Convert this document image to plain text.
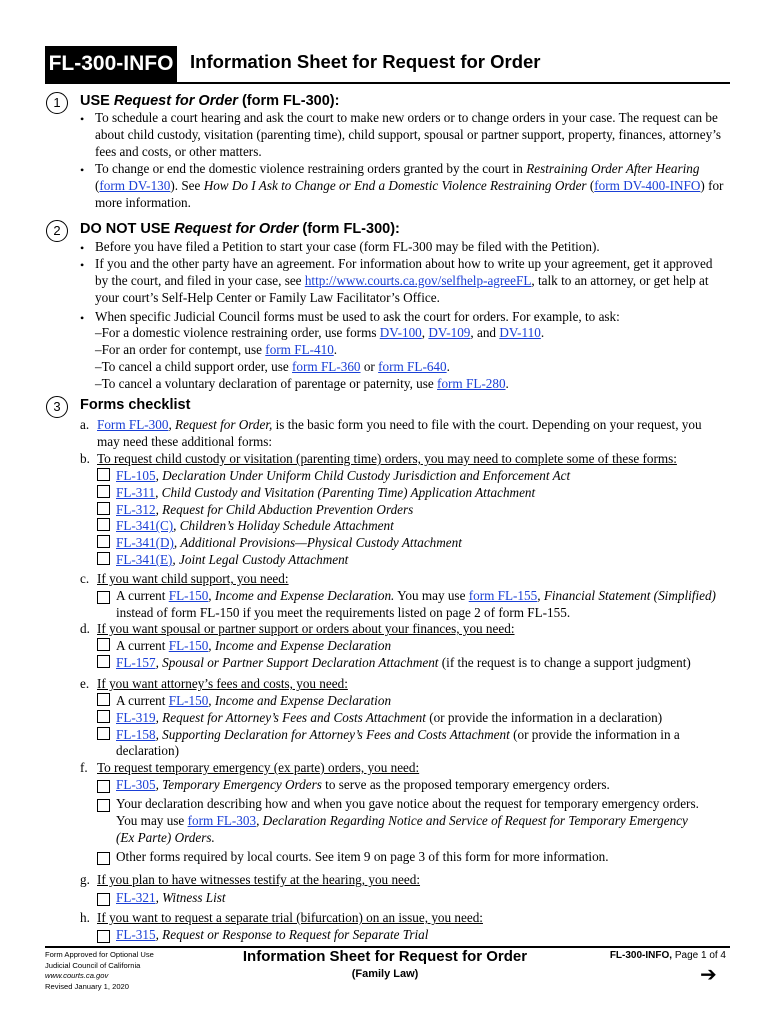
FL-300-INFO Information Sheet for Request for Order
1	USE Request for Order (form FL-300):
• To schedule a court hearing and ask the court to make new orders or to change orders in your case. The request can be about child custody, visitation (parenting time), child support, spousal or partner support, property, finances, attorney’s fees and costs, or other matters.
• To change or end the domestic violence restraining orders granted by the court in Restraining Order After Hearing (form DV-130). See How Do I Ask to Change or End a Domestic Violence Restraining Order (form DV-400-INFO) for more information.
2	DO NOT USE Request for Order (form FL-300):
• Before you have filed a Petition to start your case (form FL-300 may be filed with the Petition).
• If you and the other party have an agreement. For information about how to write up your agreement, get it approved by the court, and filed in your case, see http://www.courts.ca.gov/selfhelp-agreeFL, talk to an attorney, or get help at your court’s Self-Help Center or Family Law Facilitator’s Office.
• When specific Judicial Council forms must be used to ask the court for orders. For example, to ask:
–For a domestic violence restraining order, use forms DV-100, DV-109, and DV-110.
–For an order for contempt, use form FL-410.
–To cancel a child support order, use form FL-360 or form FL-640.
–To cancel a voluntary declaration of parentage or paternity, use form FL-280.
3	Forms checklist
a. Form FL-300, Request for Order, is the basic form you need to file with the court. Depending on your request, you may need these additional forms:
b. To request child custody or visitation (parenting time) orders, you may need to complete some of these forms:
FL-105, Declaration Under Uniform Child Custody Jurisdiction and Enforcement Act
FL-311, Child Custody and Visitation (Parenting Time) Application Attachment
FL-312, Request for Child Abduction Prevention Orders
FL-341(C), Children’s Holiday Schedule Attachment
FL-341(D), Additional Provisions—Physical Custody Attachment
FL-341(E), Joint Legal Custody Attachment
c. If you want child support, you need:
A current FL-150, Income and Expense Declaration. You may use form FL-155, Financial Statement (Simplified) instead of form FL-150 if you meet the requirements listed on page 2 of form FL-155.
d. If you want spousal or partner support or orders about your finances, you need:
A current FL-150, Income and Expense Declaration
FL-157, Spousal or Partner Support Declaration Attachment (if the request is to change a support judgment)
e. If you want attorney’s fees and costs, you need:
A current FL-150, Income and Expense Declaration
FL-319, Request for Attorney’s Fees and Costs Attachment (or provide the information in a declaration)
FL-158, Supporting Declaration for Attorney’s Fees and Costs Attachment (or provide the information in a declaration)
f. To request temporary emergency (ex parte) orders, you need:
FL-305, Temporary Emergency Orders to serve as the proposed temporary emergency orders.
Your declaration describing how and when you gave notice about the request for temporary emergency orders. You may use form FL-303, Declaration Regarding Notice and Service of Request for Temporary Emergency (Ex Parte) Orders.
Other forms required by local courts. See item 9 on page 3 of this form for more information.
g. If you plan to have witnesses testify at the hearing, you need:
FL-321, Witness List
h. If you want to request a separate trial (bifurcation) on an issue, you need:
FL-315, Request or Response to Request for Separate Trial
Form Approved for Optional Use
Judicial Council of California
www.courts.ca.gov
Revised January 1, 2020
Information Sheet for Request for Order
(Family Law)
FL-300-INFO, Page 1 of 4
➔
